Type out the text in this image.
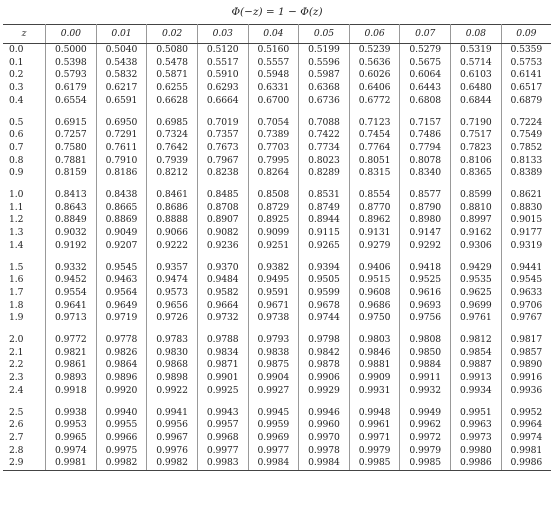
Φ(−z) = 1 − Φ(z)
z	0.00	0.01	0.02	0.03	0.04	0.05	0.06	0.07	0.08	0.09
0.0	0.5000	0.5040	0.5080	0.5120	0.5160	0.5199	0.5239	0.5279	0.5319	0.5359
0.1	0.5398	0.5438	0.5478	0.5517	0.5557	0.5596	0.5636	0.5675	0.5714	0.5753
0.2	0.5793	0.5832	0.5871	0.5910	0.5948	0.5987	0.6026	0.6064	0.6103	0.6141
0.3	0.6179	0.6217	0.6255	0.6293	0.6331	0.6368	0.6406	0.6443	0.6480	0.6517
0.4	0.6554	0.6591	0.6628	0.6664	0.6700	0.6736	0.6772	0.6808	0.6844	0.6879

0.5	0.6915	0.6950	0.6985	0.7019	0.7054	0.7088	0.7123	0.7157	0.7190	0.7224
0.6	0.7257	0.7291	0.7324	0.7357	0.7389	0.7422	0.7454	0.7486	0.7517	0.7549
0.7	0.7580	0.7611	0.7642	0.7673	0.7703	0.7734	0.7764	0.7794	0.7823	0.7852
0.8	0.7881	0.7910	0.7939	0.7967	0.7995	0.8023	0.8051	0.8078	0.8106	0.8133
0.9	0.8159	0.8186	0.8212	0.8238	0.8264	0.8289	0.8315	0.8340	0.8365	0.8389

1.0	0.8413	0.8438	0.8461	0.8485	0.8508	0.8531	0.8554	0.8577	0.8599	0.8621
1.1	0.8643	0.8665	0.8686	0.8708	0.8729	0.8749	0.8770	0.8790	0.8810	0.8830
1.2	0.8849	0.8869	0.8888	0.8907	0.8925	0.8944	0.8962	0.8980	0.8997	0.9015
1.3	0.9032	0.9049	0.9066	0.9082	0.9099	0.9115	0.9131	0.9147	0.9162	0.9177
1.4	0.9192	0.9207	0.9222	0.9236	0.9251	0.9265	0.9279	0.9292	0.9306	0.9319

1.5	0.9332	0.9545	0.9357	0.9370	0.9382	0.9394	0.9406	0.9418	0.9429	0.9441
1.6	0.9452	0.9463	0.9474	0.9484	0.9495	0.9505	0.9515	0.9525	0.9535	0.9545
1.7	0.9554	0.9564	0.9573	0.9582	0.9591	0.9599	0.9608	0.9616	0.9625	0.9633
1.8	0.9641	0.9649	0.9656	0.9664	0.9671	0.9678	0.9686	0.9693	0.9699	0.9706
1.9	0.9713	0.9719	0.9726	0.9732	0.9738	0.9744	0.9750	0.9756	0.9761	0.9767

2.0	0.9772	0.9778	0.9783	0.9788	0.9793	0.9798	0.9803	0.9808	0.9812	0.9817
2.1	0.9821	0.9826	0.9830	0.9834	0.9838	0.9842	0.9846	0.9850	0.9854	0.9857
2.2	0.9861	0.9864	0.9868	0.9871	0.9875	0.9878	0.9881	0.9884	0.9887	0.9890
2.3	0.9893	0.9896	0.9898	0.9901	0.9904	0.9906	0.9909	0.9911	0.9913	0.9916
2.4	0.9918	0.9920	0.9922	0.9925	0.9927	0.9929	0.9931	0.9932	0.9934	0.9936

2.5	0.9938	0.9940	0.9941	0.9943	0.9945	0.9946	0.9948	0.9949	0.9951	0.9952
2.6	0.9953	0.9955	0.9956	0.9957	0.9959	0.9960	0.9961	0.9962	0.9963	0.9964
2.7	0.9965	0.9966	0.9967	0.9968	0.9969	0.9970	0.9971	0.9972	0.9973	0.9974
2.8	0.9974	0.9975	0.9976	0.9977	0.9977	0.9978	0.9979	0.9979	0.9980	0.9981
2.9	0.9981	0.9982	0.9982	0.9983	0.9984	0.9984	0.9985	0.9985	0.9986	0.9986
